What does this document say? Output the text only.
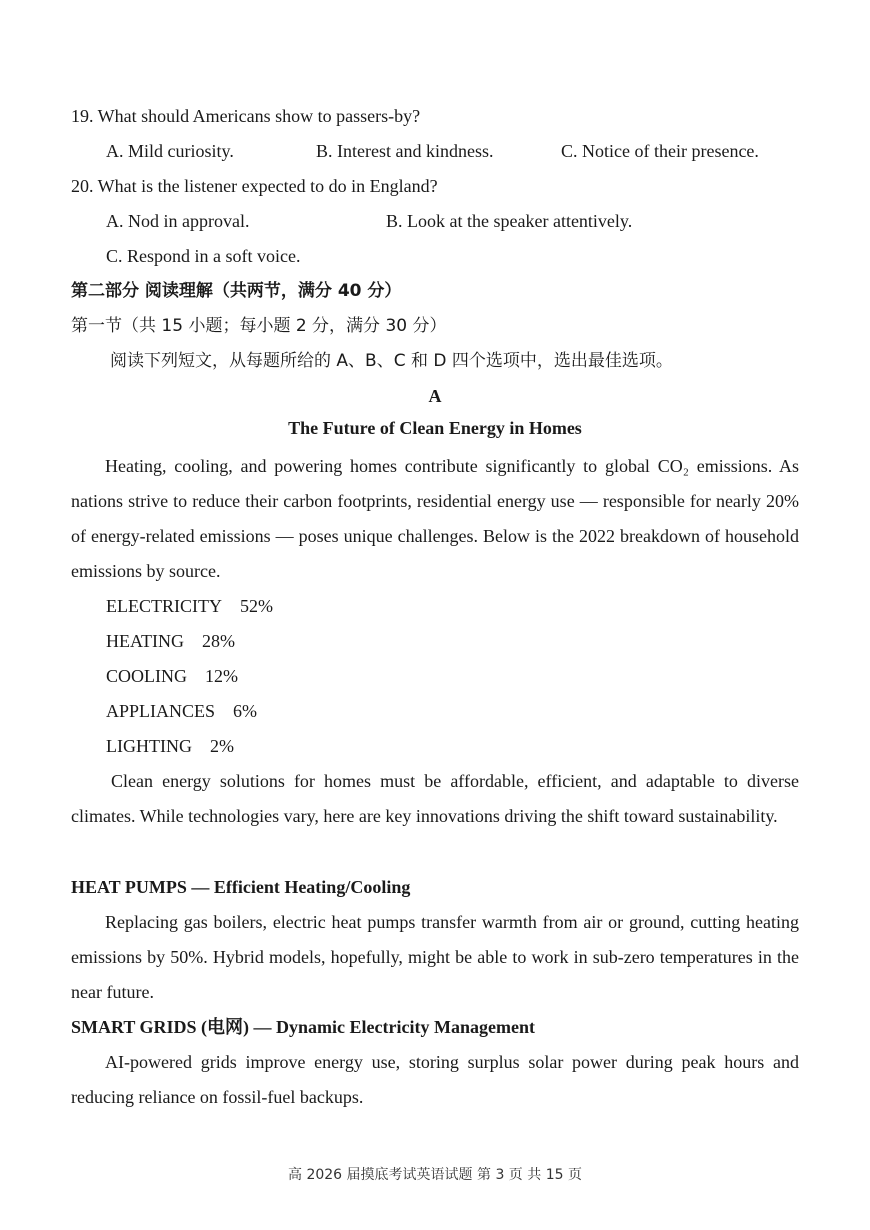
19. What should Americans show to passers-by?
A. Mild curiosity.	B. Interest and kindness.	C. Notice of their presence.
20. What is the listener expected to do in England?
A. Nod in approval.	B. Look at the speaker attentively.
C. Respond in a soft voice.
第二部分 阅读理解（共两节，满分 40 分）
第一节（共 15 小题；每小题 2 分，满分 30 分）
阅读下列短文，从每题所给的 A、B、C 和 D 四个选项中，选出最佳选项。
A
The Future of Clean Energy in Homes
Heating, cooling, and powering homes contribute significantly to global CO₂ emissions. As nations strive to reduce their carbon footprints, residential energy use — responsible for nearly 20% of energy-related emissions — poses unique challenges. Below is the 2022 breakdown of household emissions by source.
ELECTRICITY 52%
HEATING 28%
COOLING 12%
APPLIANCES 6%
LIGHTING 2%
Clean energy solutions for homes must be affordable, efficient, and adaptable to diverse climates. While technologies vary, here are key innovations driving the shift toward sustainability.
HEAT PUMPS — Efficient Heating/Cooling
Replacing gas boilers, electric heat pumps transfer warmth from air or ground, cutting heating emissions by 50%. Hybrid models, hopefully, might be able to work in sub-zero temperatures in the near future.
SMART GRIDS (电网) — Dynamic Electricity Management
AI-powered grids improve energy use, storing surplus solar power during peak hours and reducing reliance on fossil-fuel backups.
高 2026 届摸底考试英语试题 第 3 页 共 15 页
